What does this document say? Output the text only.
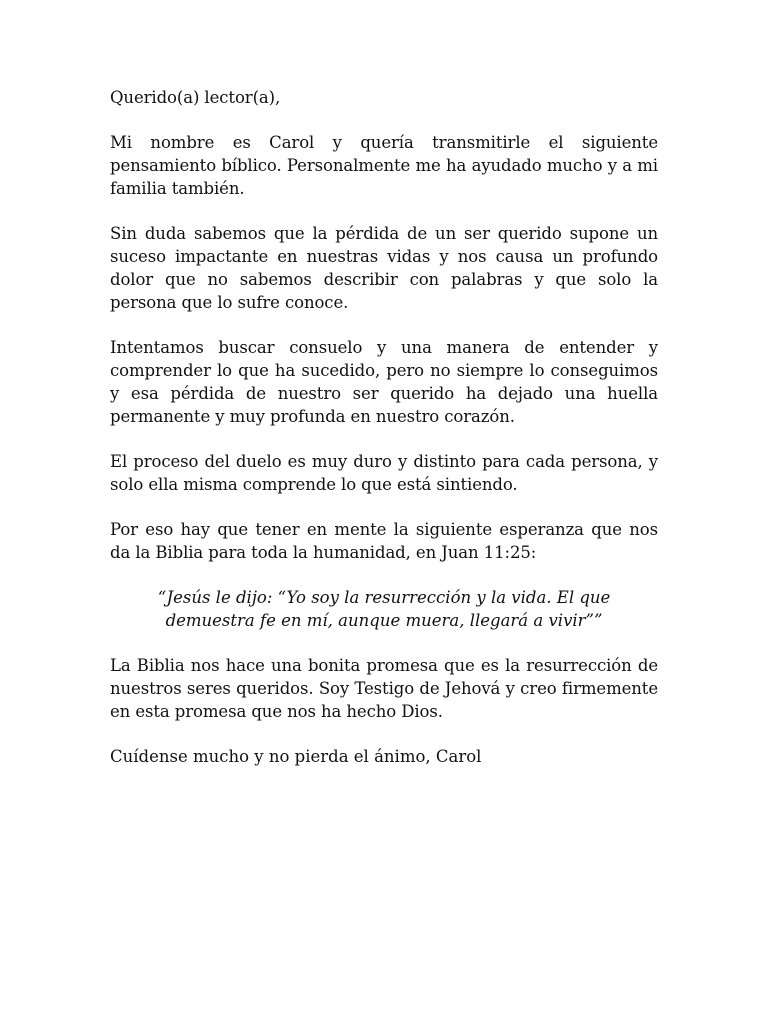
Querido(a) lector(a),

Mi nombre es Carol y quería transmitirle el siguiente pensamiento bíblico. Personalmente me ha ayudado mucho y a mi familia también.

Sin duda sabemos que la pérdida de un ser querido supone un suceso impactante en nuestras vidas y nos causa un profundo dolor que no sabemos describir con palabras y que solo la persona que lo sufre conoce.

Intentamos buscar consuelo y una manera de entender y comprender lo que ha sucedido, pero no siempre lo conseguimos y esa pérdida de nuestro ser querido ha dejado una huella permanente y muy profunda en nuestro corazón.

El proceso del duelo es muy duro y distinto para cada persona, y solo ella misma comprende lo que está sintiendo.

Por eso hay que tener en mente la siguiente esperanza que nos da la Biblia para toda la humanidad, en Juan 11:25:

“Jesús le dijo: “Yo soy la resurrección y la vida. El que demuestra fe en mí, aunque muera, llegará a vivir””

La Biblia nos hace una bonita promesa que es la resurrección de nuestros seres queridos. Soy Testigo de Jehová y creo firmemente en esta promesa que nos ha hecho Dios.

Cuídense mucho y no pierda el ánimo, Carol
